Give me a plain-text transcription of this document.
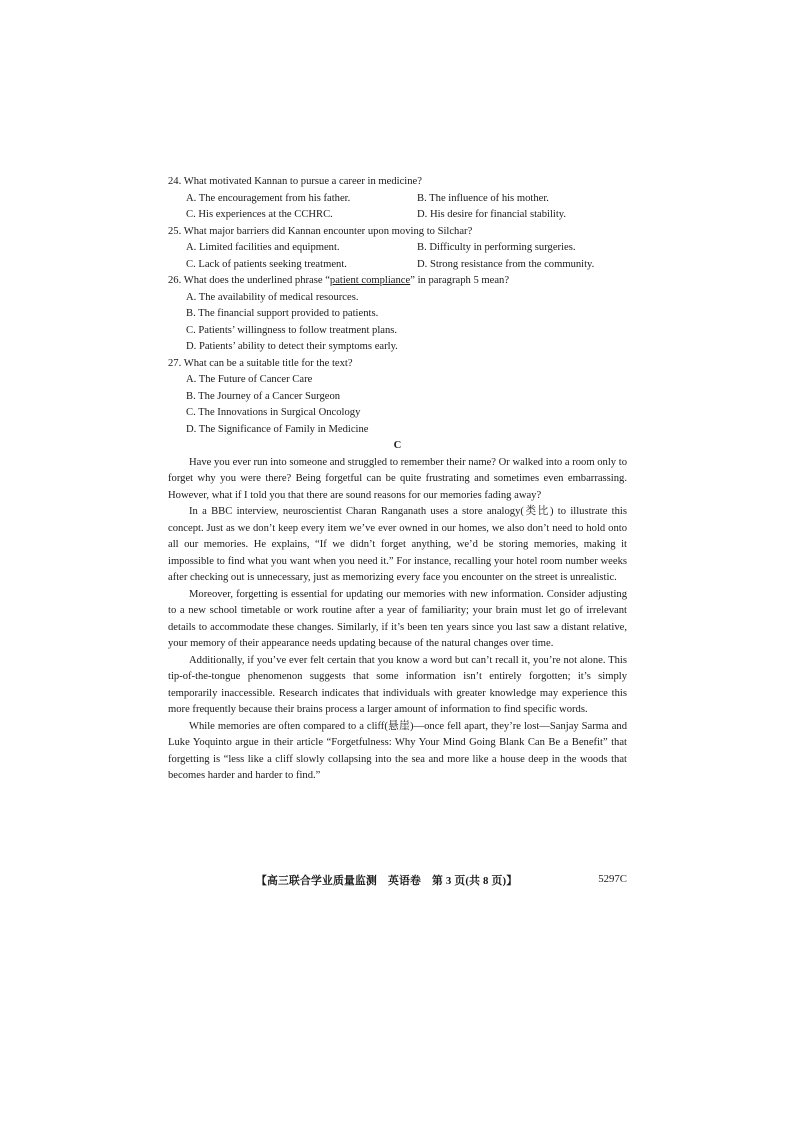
24. What motivated Kannan to pursue a career in medicine?

A. The encouragement from his father.	B. The influence of his mother.
C. His experiences at the CCHRC.	D. His desire for financial stability.

25. What major barriers did Kannan encounter upon moving to Silchar?

A. Limited facilities and equipment.	B. Difficulty in performing surgeries.
C. Lack of patients seeking treatment.	D. Strong resistance from the community.

26. What does the underlined phrase “patient compliance” in paragraph 5 mean?

A. The availability of medical resources.
B. The financial support provided to patients.
C. Patients’ willingness to follow treatment plans.
D. Patients’ ability to detect their symptoms early.

27. What can be a suitable title for the text?

A. The Future of Cancer Care
B. The Journey of a Cancer Surgeon
C. The Innovations in Surgical Oncology
D. The Significance of Family in Medicine

C

Have you ever run into someone and struggled to remember their name? Or walked into a room only to forget why you were there? Being forgetful can be quite frustrating and sometimes even embarrassing. However, what if I told you that there are sound reasons for our memories fading away?

In a BBC interview, neuroscientist Charan Ranganath uses a store analogy(类比) to illustrate this concept. Just as we don’t keep every item we’ve ever owned in our homes, we also don’t need to hold onto all our memories. He explains, “If we didn’t forget anything, we’d be storing memories, making it impossible to find what you want when you need it.” For instance, recalling your hotel room number weeks after checking out is unnecessary, just as memorizing every face you encounter on the street is unrealistic.

Moreover, forgetting is essential for updating our memories with new information. Consider adjusting to a new school timetable or work routine after a year of familiarity; your brain must let go of irrelevant details to accommodate these changes. Similarly, if it’s been ten years since you last saw a distant relative, your memory of their appearance needs updating because of the natural changes over time.

Additionally, if you’ve ever felt certain that you know a word but can’t recall it, you’re not alone. This tip-of-the-tongue phenomenon suggests that some information isn’t entirely forgotten; it’s simply temporarily inaccessible. Research indicates that individuals with greater knowledge may experience this more frequently because their brains process a larger amount of information to find specific words.

While memories are often compared to a cliff(悬崖)—once fell apart, they’re lost—Sanjay Sarma and Luke Yoquinto argue in their article “Forgetfulness: Why Your Mind Going Blank Can Be a Benefit” that forgetting is “less like a cliff slowly collapsing into the sea and more like a house deep in the woods that becomes harder and harder to find.”

【高三联合学业质量监测　英语卷　第 3 页(共 8 页)】	5297C
